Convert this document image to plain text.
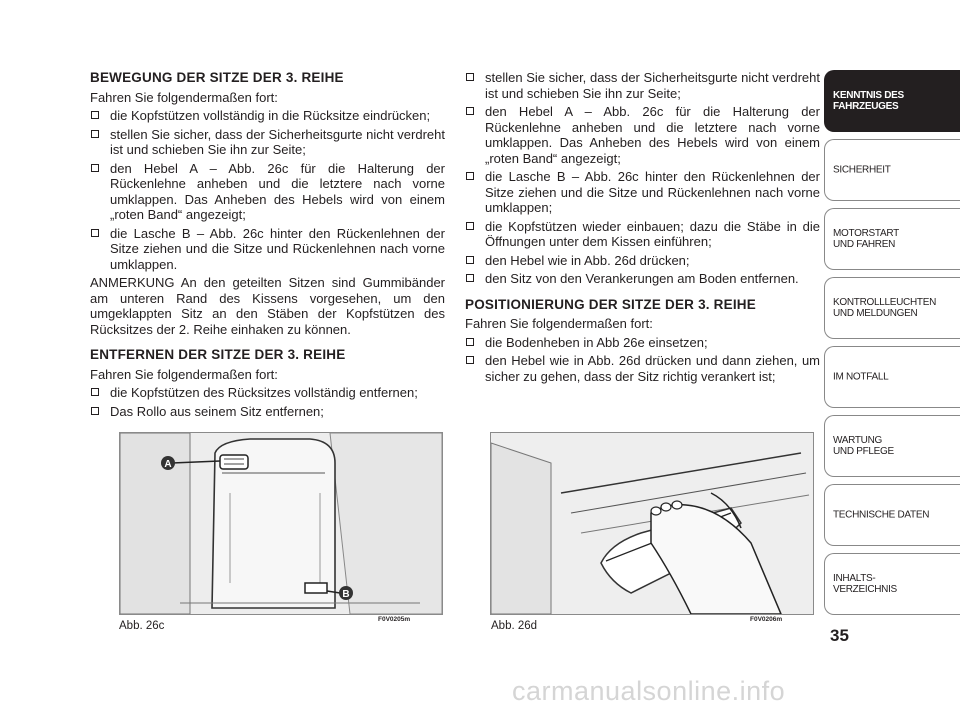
BEWEGUNG DER SITZE DER 3. REIHE
Fahren Sie folgendermaßen fort:
die Kopfstützen vollständig in die Rücksitze eindrücken;
stellen Sie sicher, dass der Sicherheitsgurte nicht verdreht ist und schieben Sie ihn zur Seite;
den Hebel A – Abb. 26c für die Halterung der Rückenlehne anheben und die letztere nach vorne umklappen. Das Anheben des Hebels wird von einem „roten Band“ angezeigt;
die Lasche B – Abb. 26c hinter den Rückenlehnen der Sitze ziehen und die Sitze und Rückenlehnen nach vorne umklappen.
ANMERKUNG An den geteilten Sitzen sind Gummibänder am unteren Rand des Kissens vorgesehen, um den umgeklappten Sitz an den Stäben der Kopfstützen des Rücksitzes der 2. Reihe einhaken zu können.
ENTFERNEN DER SITZE DER 3. REIHE
Fahren Sie folgendermaßen fort:
die Kopfstützen des Rücksitzes vollständig entfernen;
Das Rollo aus seinem Sitz entfernen;
stellen Sie sicher, dass der Sicherheitsgurte nicht verdreht ist und schieben Sie ihn zur Seite;
den Hebel A – Abb. 26c für die Halterung der Rückenlehne anheben und die letztere nach vorne umklappen. Das Anheben des Hebels wird von einem „roten Band“ angezeigt;
die Lasche B – Abb. 26c hinter den Rückenlehnen der Sitze ziehen und die Sitze und Rückenlehnen nach vorne umklappen;
die Kopfstützen wieder einbauen; dazu die Stäbe in die Öffnungen unter dem Kissen einführen;
den Hebel wie in Abb. 26d drücken;
den Sitz von den Verankerungen am Boden entfernen.
POSITIONIERUNG DER SITZE DER 3. REIHE
Fahren Sie folgendermaßen fort:
die Bodenheben in Abb 26e einsetzen;
den Hebel wie in Abb. 26d drücken und dann ziehen, um sicher zu gehen, dass der Sitz richtig verankert ist;
A
B
Abb. 26c
F0V0205m
Abb. 26d
F0V0206m
KENNTNIS DES
FAHRZEUGES
SICHERHEIT
MOTORSTART
UND FAHREN
KONTROLLLEUCHTEN
UND MELDUNGEN
IM NOTFALL
WARTUNG
UND PFLEGE
TECHNISCHE DATEN
INHALTS-
VERZEICHNIS
35
carmanualsonline.info
